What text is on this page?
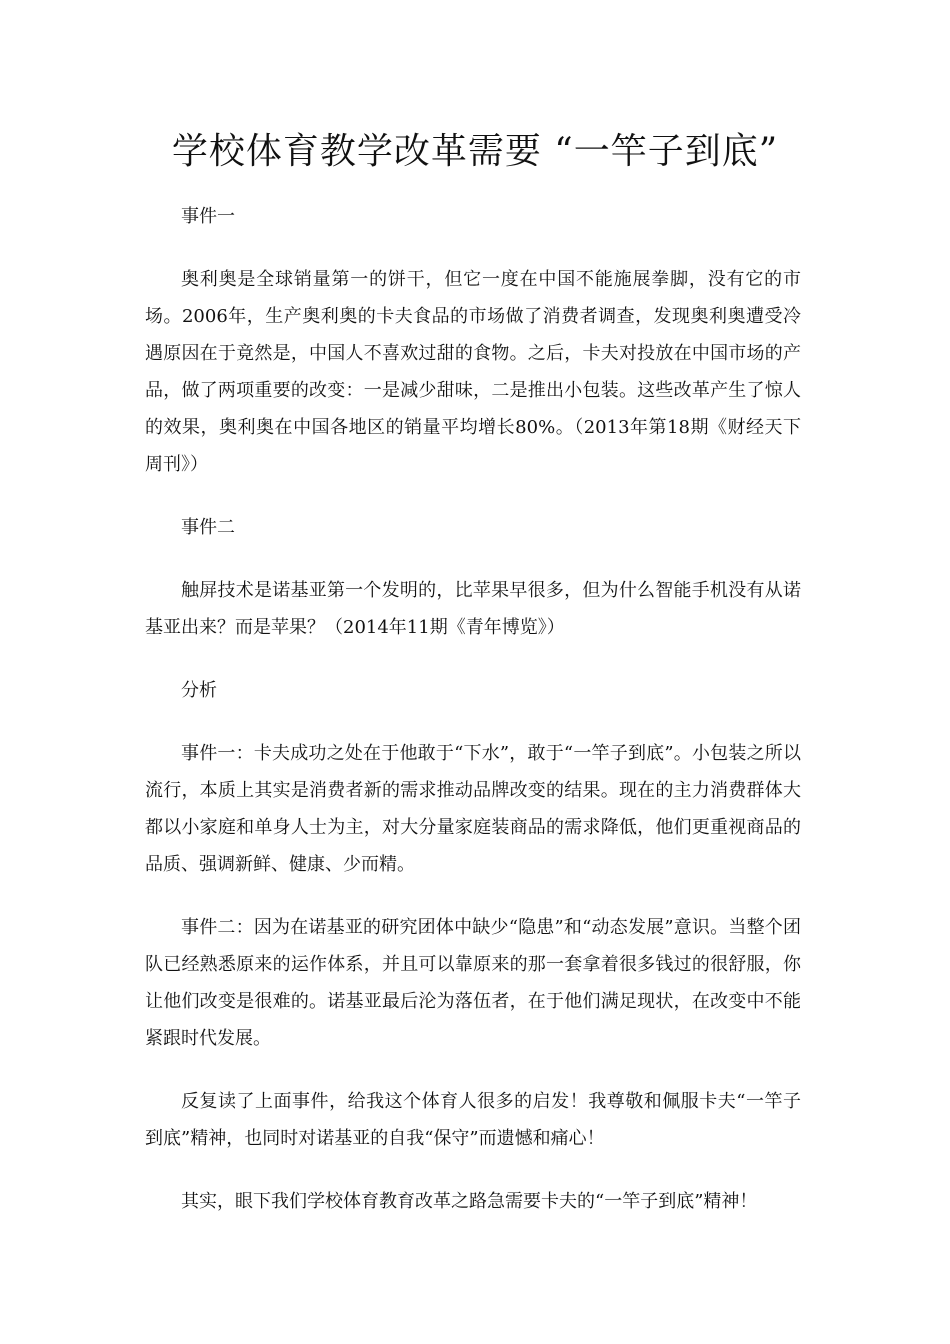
学校体育教学改革需要 “一竿子到底”

事件一

奥利奥是全球销量第一的饼干，但它一度在中国不能施展拳脚，没有它的市场。2006年，生产奥利奥的卡夫食品的市场做了消费者调查，发现奥利奥遭受冷遇原因在于竟然是，中国人不喜欢过甜的食物。之后，卡夫对投放在中国市场的产品，做了两项重要的改变：一是减少甜味，二是推出小包装。这些改革产生了惊人的效果，奥利奥在中国各地区的销量平均增长80%。（2013年第18期《财经天下周刊》）

事件二

触屏技术是诺基亚第一个发明的，比苹果早很多，但为什么智能手机没有从诺基亚出来？而是苹果？（2014年11期《青年博览》）

分析

事件一：卡夫成功之处在于他敢于“下水”，敢于“一竿子到底”。小包装之所以流行，本质上其实是消费者新的需求推动品牌改变的结果。现在的主力消费群体大都以小家庭和单身人士为主，对大分量家庭装商品的需求降低，他们更重视商品的品质、强调新鲜、健康、少而精。

事件二：因为在诺基亚的研究团体中缺少“隐患”和“动态发展”意识。当整个团队已经熟悉原来的运作体系，并且可以靠原来的那一套拿着很多钱过的很舒服，你让他们改变是很难的。诺基亚最后沦为落伍者，在于他们满足现状，在改变中不能紧跟时代发展。

反复读了上面事件，给我这个体育人很多的启发！我尊敬和佩服卡夫“一竿子到底”精神，也同时对诺基亚的自我“保守”而遗憾和痛心！

其实，眼下我们学校体育教育改革之路急需要卡夫的“一竿子到底”精神！
